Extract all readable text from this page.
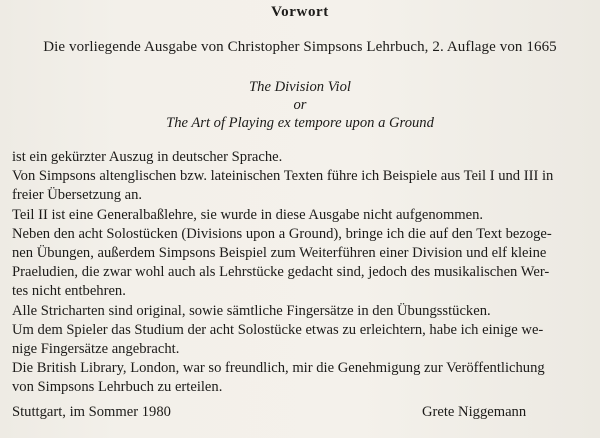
Vorwort
Die vorliegende Ausgabe von Christopher Simpsons Lehrbuch, 2. Auflage von 1665
The Division Viol
or
The Art of Playing ex tempore upon a Ground
ist ein gekürzter Auszug in deutscher Sprache.
Von Simpsons altenglischen bzw. lateinischen Texten führe ich Beispiele aus Teil I und III in
freier Übersetzung an.
Teil II ist eine Generalbaßlehre, sie wurde in diese Ausgabe nicht aufgenommen.
Neben den acht Solostücken (Divisions upon a Ground), bringe ich die auf den Text bezoge-
nen Übungen, außerdem Simpsons Beispiel zum Weiterführen einer Division und elf kleine
Praeludien, die zwar wohl auch als Lehrstücke gedacht sind, jedoch des musikalischen Wer-
tes nicht entbehren.
Alle Stricharten sind original, sowie sämtliche Fingersätze in den Übungsstücken.
Um dem Spieler das Studium der acht Solostücke etwas zu erleichtern, habe ich einige we-
nige Fingersätze angebracht.
Die British Library, London, war so freundlich, mir die Genehmigung zur Veröffentlichung
von Simpsons Lehrbuch zu erteilen.
Stuttgart, im Sommer 1980	Grete Niggemann
